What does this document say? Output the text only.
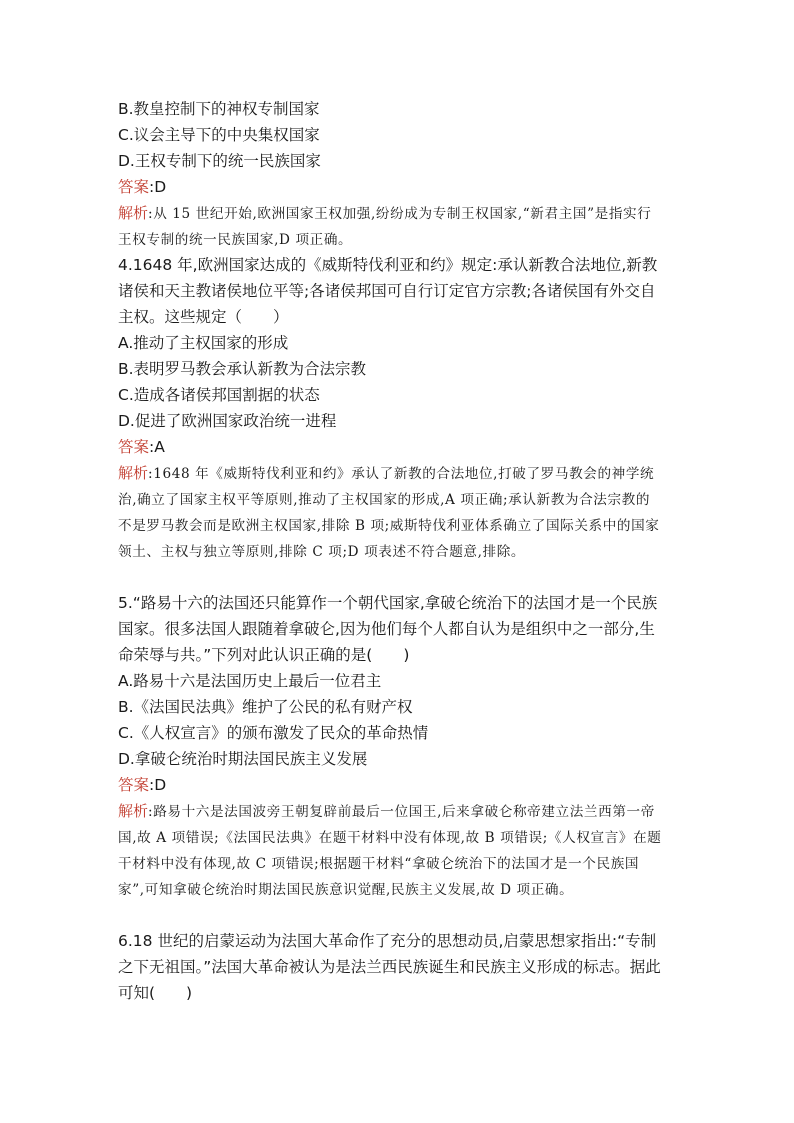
B.教皇控制下的神权专制国家

C.议会主导下的中央集权国家

D.王权专制下的统一民族国家

答案:D

解析:从 15 世纪开始,欧洲国家王权加强,纷纷成为专制王权国家,“新君主国”是指实行王权专制的统一民族国家,D 项正确。

4.1648 年,欧洲国家达成的《威斯特伐利亚和约》规定:承认新教合法地位,新教诸侯和天主教诸侯地位平等;各诸侯邦国可自行订定官方宗教;各诸侯国有外交自主权。这些规定（　　）

A.推动了主权国家的形成

B.表明罗马教会承认新教为合法宗教

C.造成各诸侯邦国割据的状态

D.促进了欧洲国家政治统一进程

答案:A

解析:1648 年《威斯特伐利亚和约》承认了新教的合法地位,打破了罗马教会的神学统治,确立了国家主权平等原则,推动了主权国家的形成,A 项正确;承认新教为合法宗教的不是罗马教会而是欧洲主权国家,排除 B 项;威斯特伐利亚体系确立了国际关系中的国家领土、主权与独立等原则,排除 C 项;D 项表述不符合题意,排除。

5.“路易十六的法国还只能算作一个朝代国家,拿破仑统治下的法国才是一个民族国家。很多法国人跟随着拿破仑,因为他们每个人都自认为是组织中之一部分,生命荣辱与共。”下列对此认识正确的是(　　)

A.路易十六是法国历史上最后一位君主

B.《法国民法典》维护了公民的私有财产权

C.《人权宣言》的颁布激发了民众的革命热情

D.拿破仑统治时期法国民族主义发展

答案:D

解析:路易十六是法国波旁王朝复辟前最后一位国王,后来拿破仑称帝建立法兰西第一帝国,故 A 项错误;《法国民法典》在题干材料中没有体现,故 B 项错误;《人权宣言》在题干材料中没有体现,故 C 项错误;根据题干材料“拿破仑统治下的法国才是一个民族国家”,可知拿破仑统治时期法国民族意识觉醒,民族主义发展,故 D 项正确。

6.18 世纪的启蒙运动为法国大革命作了充分的思想动员,启蒙思想家指出:“专制之下无祖国。”法国大革命被认为是法兰西民族诞生和民族主义形成的标志。据此可知(　　)
